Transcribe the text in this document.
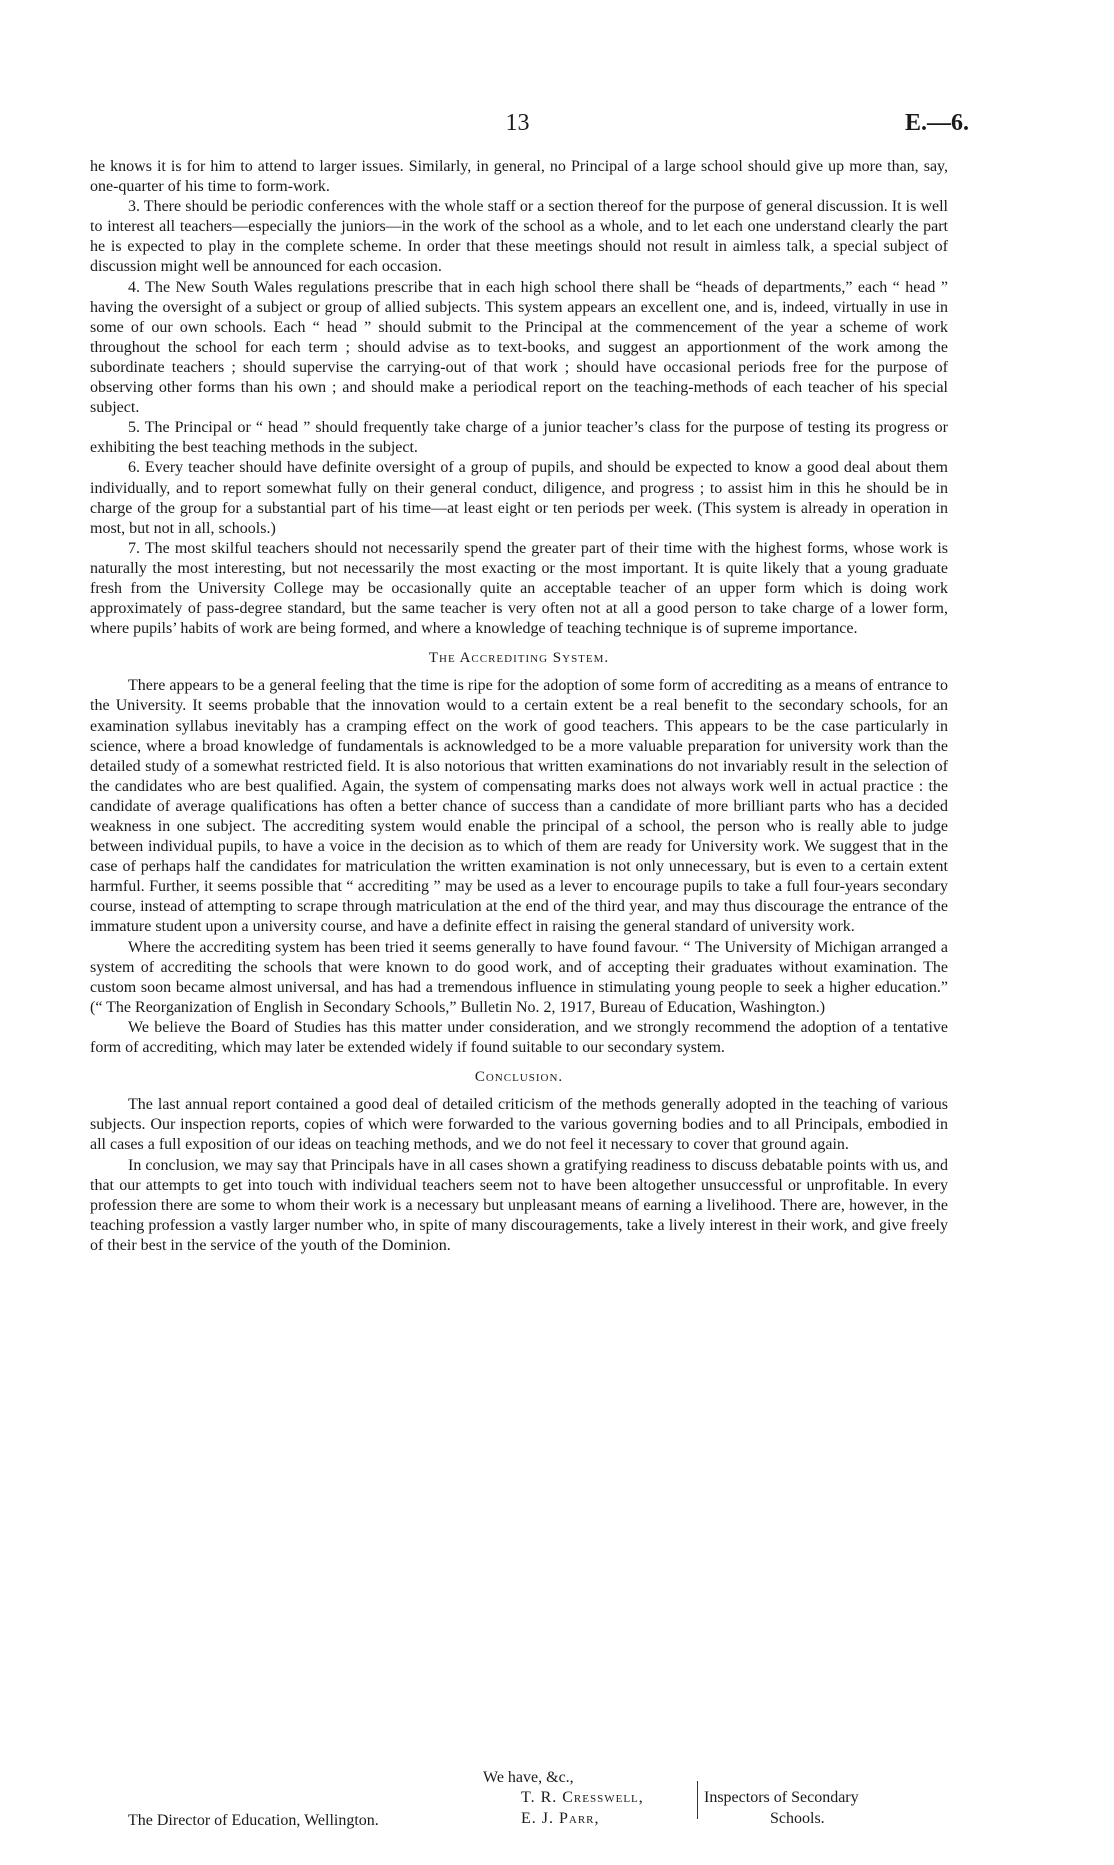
13	E.—6.

he knows it is for him to attend to larger issues. Similarly, in general, no Principal of a large school should give up more than, say, one-quarter of his time to form-work.

3. There should be periodic conferences with the whole staff or a section thereof for the purpose of general discussion. It is well to interest all teachers—especially the juniors—in the work of the school as a whole, and to let each one understand clearly the part he is expected to play in the complete scheme. In order that these meetings should not result in aimless talk, a special subject of discussion might well be announced for each occasion.

4. The New South Wales regulations prescribe that in each high school there shall be “heads of departments,” each “ head ” having the oversight of a subject or group of allied subjects. This system appears an excellent one, and is, indeed, virtually in use in some of our own schools. Each “ head ” should submit to the Principal at the commencement of the year a scheme of work throughout the school for each term ; should advise as to text-books, and suggest an apportionment of the work among the subordinate teachers ; should supervise the carrying-out of that work ; should have occasional periods free for the purpose of observing other forms than his own ; and should make a periodical report on the teaching-methods of each teacher of his special subject.

5. The Principal or “ head ” should frequently take charge of a junior teacher’s class for the purpose of testing its progress or exhibiting the best teaching methods in the subject.

6. Every teacher should have definite oversight of a group of pupils, and should be expected to know a good deal about them individually, and to report somewhat fully on their general conduct, diligence, and progress ; to assist him in this he should be in charge of the group for a substantial part of his time—at least eight or ten periods per week. (This system is already in operation in most, but not in all, schools.)

7. The most skilful teachers should not necessarily spend the greater part of their time with the highest forms, whose work is naturally the most interesting, but not necessarily the most exacting or the most important. It is quite likely that a young graduate fresh from the University College may be occasionally quite an acceptable teacher of an upper form which is doing work approximately of pass-degree standard, but the same teacher is very often not at all a good person to take charge of a lower form, where pupils’ habits of work are being formed, and where a knowledge of teaching technique is of supreme importance.

The Accrediting System.

There appears to be a general feeling that the time is ripe for the adoption of some form of accrediting as a means of entrance to the University. It seems probable that the innovation would to a certain extent be a real benefit to the secondary schools, for an examination syllabus inevitably has a cramping effect on the work of good teachers. This appears to be the case particularly in science, where a broad knowledge of fundamentals is acknowledged to be a more valuable preparation for university work than the detailed study of a somewhat restricted field. It is also notorious that written examinations do not invariably result in the selection of the candidates who are best qualified. Again, the system of compensating marks does not always work well in actual practice : the candidate of average qualifications has often a better chance of success than a candidate of more brilliant parts who has a decided weakness in one subject. The accrediting system would enable the principal of a school, the person who is really able to judge between individual pupils, to have a voice in the decision as to which of them are ready for University work. We suggest that in the case of perhaps half the candidates for matriculation the written examination is not only unnecessary, but is even to a certain extent harmful. Further, it seems possible that “ accrediting ” may be used as a lever to encourage pupils to take a full four-years secondary course, instead of attempting to scrape through matriculation at the end of the third year, and may thus discourage the entrance of the immature student upon a university course, and have a definite effect in raising the general standard of university work.

Where the accrediting system has been tried it seems generally to have found favour. “ The University of Michigan arranged a system of accrediting the schools that were known to do good work, and of accepting their graduates without examination. The custom soon became almost universal, and has had a tremendous influence in stimulating young people to seek a higher education.” (“ The Reorganization of English in Secondary Schools,” Bulletin No. 2, 1917, Bureau of Education, Washington.)

We believe the Board of Studies has this matter under consideration, and we strongly recommend the adoption of a tentative form of accrediting, which may later be extended widely if found suitable to our secondary system.

Conclusion.

The last annual report contained a good deal of detailed criticism of the methods generally adopted in the teaching of various subjects. Our inspection reports, copies of which were forwarded to the various governing bodies and to all Principals, embodied in all cases a full exposition of our ideas on teaching methods, and we do not feel it necessary to cover that ground again.

In conclusion, we may say that Principals have in all cases shown a gratifying readiness to discuss debatable points with us, and that our attempts to get into touch with individual teachers seem not to have been altogether unsuccessful or unprofitable. In every profession there are some to whom their work is a necessary but unpleasant means of earning a livelihood. There are, however, in the teaching profession a vastly larger number who, in spite of many discouragements, take a lively interest in their work, and give freely of their best in the service of the youth of the Dominion.

We have, &c.,
T. R. Cresswell,
E. J. Parr,
Inspectors of Secondary
Schools.
The Director of Education, Wellington.
